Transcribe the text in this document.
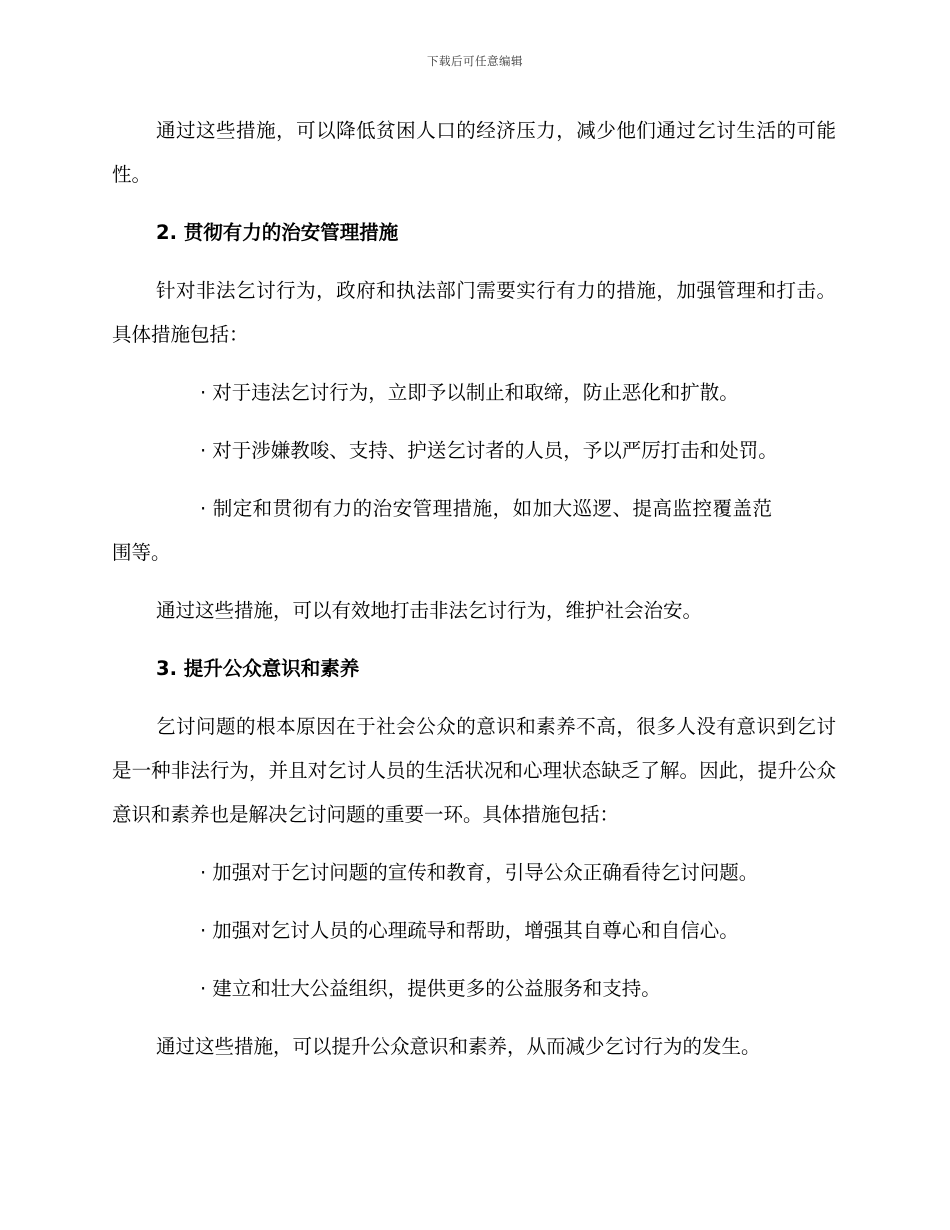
下载后可任意编辑

通过这些措施，可以降低贫困人口的经济压力，减少他们通过乞讨生活的可能性。

2. 贯彻有力的治安管理措施

针对非法乞讨行为，政府和执法部门需要实行有力的措施，加强管理和打击。具体措施包括：

· 对于违法乞讨行为，立即予以制止和取缔，防止恶化和扩散。

· 对于涉嫌教唆、支持、护送乞讨者的人员，予以严厉打击和处罚。

· 制定和贯彻有力的治安管理措施，如加大巡逻、提高监控覆盖范围等。

通过这些措施，可以有效地打击非法乞讨行为，维护社会治安。

3. 提升公众意识和素养

乞讨问题的根本原因在于社会公众的意识和素养不高，很多人没有意识到乞讨是一种非法行为，并且对乞讨人员的生活状况和心理状态缺乏了解。因此，提升公众意识和素养也是解决乞讨问题的重要一环。具体措施包括：

· 加强对于乞讨问题的宣传和教育，引导公众正确看待乞讨问题。

· 加强对乞讨人员的心理疏导和帮助，增强其自尊心和自信心。

· 建立和壮大公益组织，提供更多的公益服务和支持。

通过这些措施，可以提升公众意识和素养，从而减少乞讨行为的发生。
